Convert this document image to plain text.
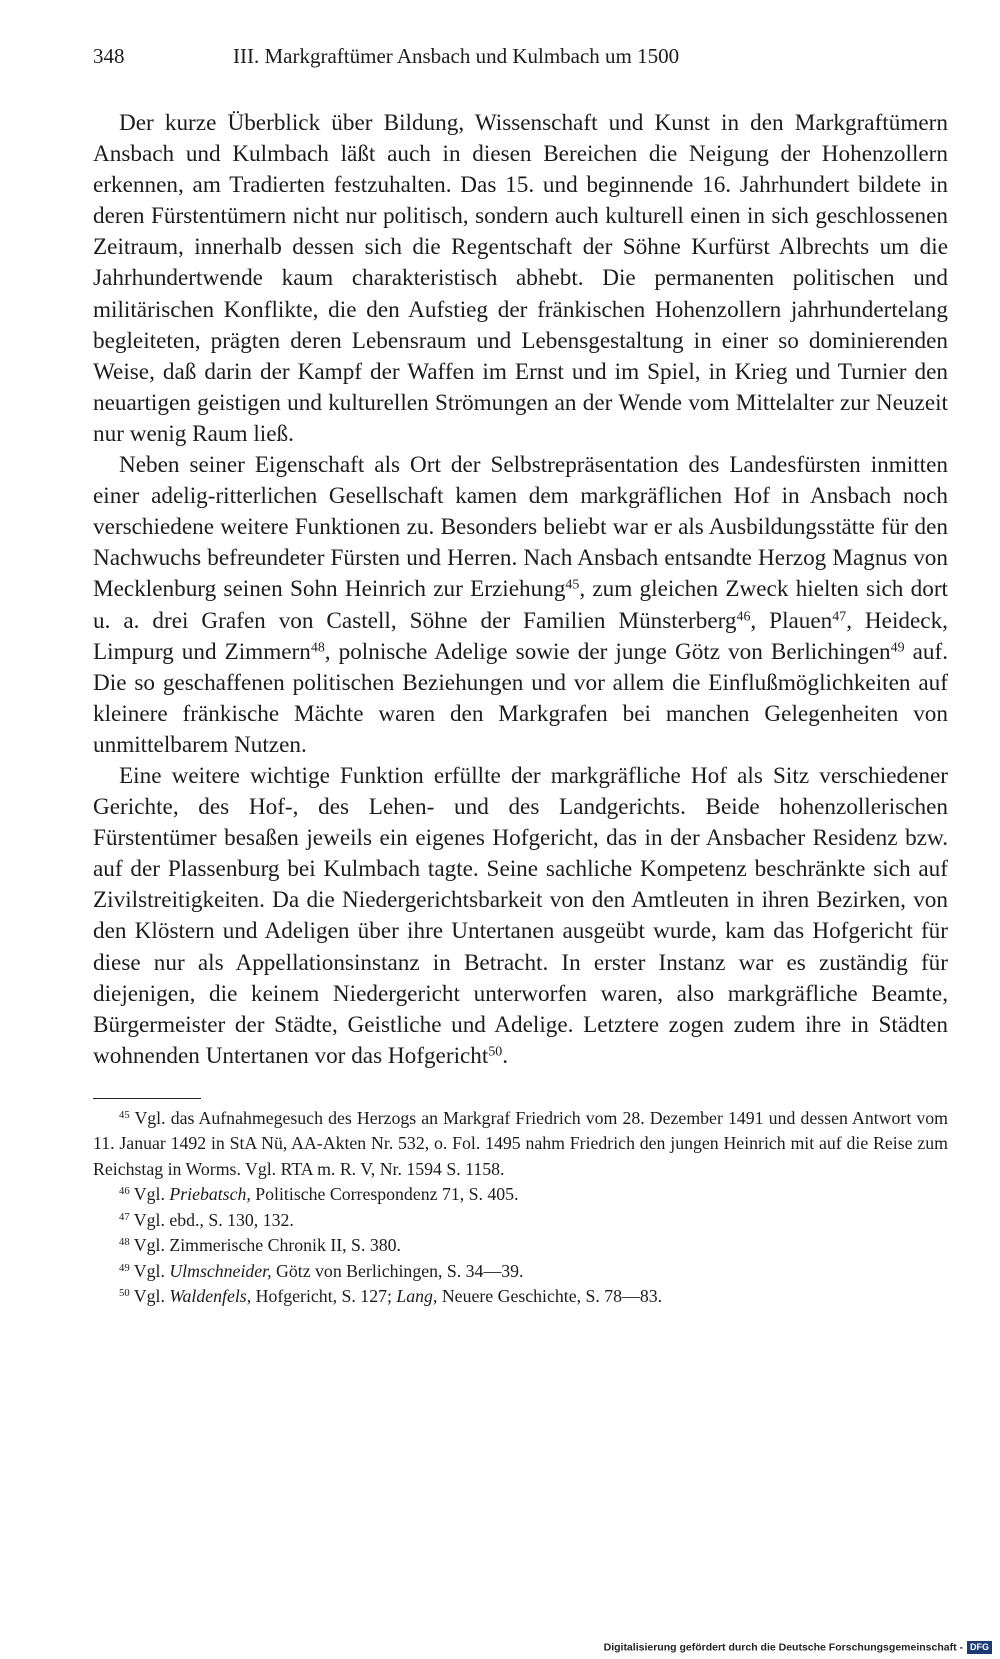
348	III. Markgraftümer Ansbach und Kulmbach um 1500

Der kurze Überblick über Bildung, Wissenschaft und Kunst in den Markgraftümern Ansbach und Kulmbach läßt auch in diesen Bereichen die Neigung der Hohenzollern erkennen, am Tradierten festzuhalten. Das 15. und beginnende 16. Jahrhundert bildete in deren Fürstentümern nicht nur politisch, sondern auch kulturell einen in sich geschlossenen Zeitraum, innerhalb dessen sich die Regentschaft der Söhne Kurfürst Albrechts um die Jahrhundertwende kaum charakteristisch abhebt. Die permanenten politischen und militärischen Konflikte, die den Aufstieg der fränkischen Hohenzollern jahrhundertelang begleiteten, prägten deren Lebensraum und Lebensgestaltung in einer so dominierenden Weise, daß darin der Kampf der Waffen im Ernst und im Spiel, in Krieg und Turnier den neuartigen geistigen und kulturellen Strömungen an der Wende vom Mittelalter zur Neuzeit nur wenig Raum ließ.

Neben seiner Eigenschaft als Ort der Selbstrepräsentation des Landesfürsten inmitten einer adelig-ritterlichen Gesellschaft kamen dem markgräflichen Hof in Ansbach noch verschiedene weitere Funktionen zu. Besonders beliebt war er als Ausbildungsstätte für den Nachwuchs befreundeter Fürsten und Herren. Nach Ansbach entsandte Herzog Magnus von Mecklenburg seinen Sohn Heinrich zur Erziehung$^{45}$, zum gleichen Zweck hielten sich dort u. a. drei Grafen von Castell, Söhne der Familien Münsterberg$^{46}$, Plauen$^{47}$, Heideck, Limpurg und Zimmern$^{48}$, polnische Adelige sowie der junge Götz von Berlichingen$^{49}$ auf. Die so geschaffenen politischen Beziehungen und vor allem die Einflußmöglichkeiten auf kleinere fränkische Mächte waren den Markgrafen bei manchen Gelegenheiten von unmittelbarem Nutzen.

Eine weitere wichtige Funktion erfüllte der markgräfliche Hof als Sitz verschiedener Gerichte, des Hof-, des Lehen- und des Landgerichts. Beide hohenzollerischen Fürstentümer besaßen jeweils ein eigenes Hofgericht, das in der Ansbacher Residenz bzw. auf der Plassenburg bei Kulmbach tagte. Seine sachliche Kompetenz beschränkte sich auf Zivilstreitigkeiten. Da die Niedergerichtsbarkeit von den Amtleuten in ihren Bezirken, von den Klöstern und Adeligen über ihre Untertanen ausgeübt wurde, kam das Hofgericht für diese nur als Appellationsinstanz in Betracht. In erster Instanz war es zuständig für diejenigen, die keinem Niedergericht unterworfen waren, also markgräfliche Beamte, Bürgermeister der Städte, Geistliche und Adelige. Letztere zogen zudem ihre in Städten wohnenden Untertanen vor das Hofgericht$^{50}$.

$^{45}$ Vgl. das Aufnahmegesuch des Herzogs an Markgraf Friedrich vom 28. Dezember 1491 und dessen Antwort vom 11. Januar 1492 in StA Nü, AA-Akten Nr. 532, o. Fol. 1495 nahm Friedrich den jungen Heinrich mit auf die Reise zum Reichstag in Worms. Vgl. RTA m. R. V, Nr. 1594 S. 1158.

$^{46}$ Vgl. Priebatsch, Politische Correspondenz 71, S. 405.

$^{47}$ Vgl. ebd., S. 130, 132.

$^{48}$ Vgl. Zimmerische Chronik II, S. 380.

$^{49}$ Vgl. Ulmschneider, Götz von Berlichingen, S. 34—39.

$^{50}$ Vgl. Waldenfels, Hofgericht, S. 127; Lang, Neuere Geschichte, S. 78—83.

Digitalisierung gefördert durch die Deutsche Forschungsgemeinschaft - DFG
